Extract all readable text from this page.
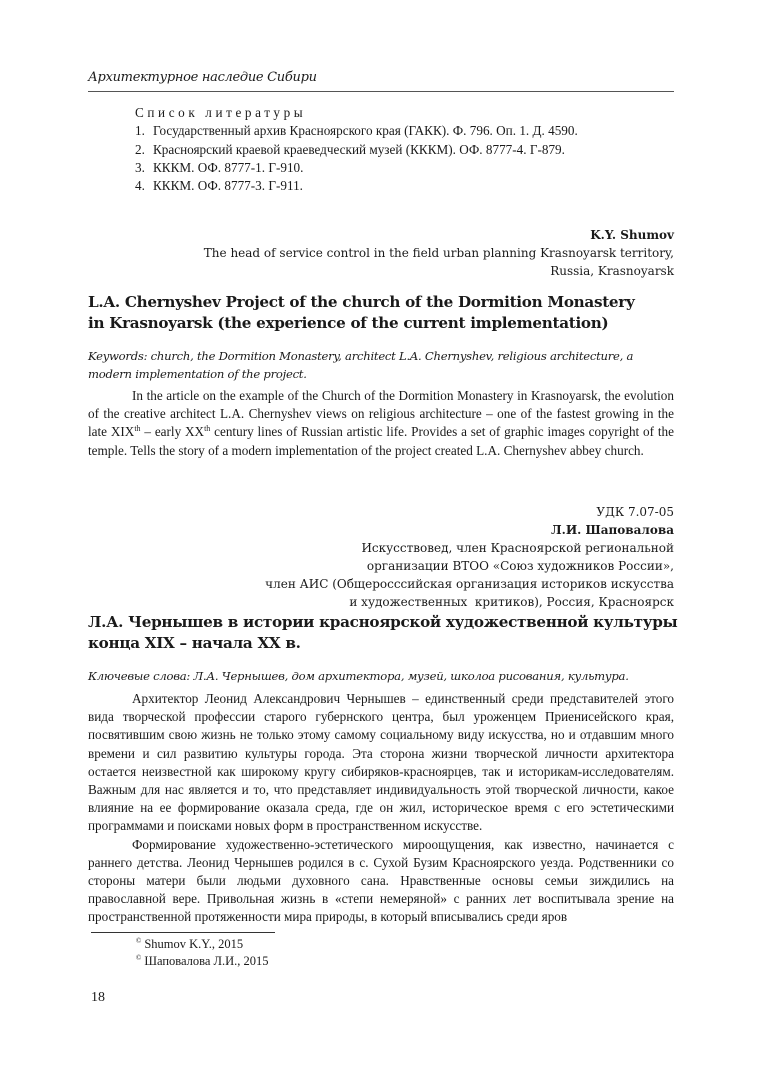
Архитектурное наследие Сибири
Список литературы
1. Государственный архив Красноярского края (ГАКК). Ф. 796. Оп. 1. Д. 4590.
2. Красноярский краевой краеведческий музей (КККМ). ОФ. 8777-4. Г-879.
3. КККМ. ОФ. 8777-1. Г-910.
4. КККМ. ОФ. 8777-3. Г-911.
K.Y. Shumov
The head of service control in the field urban planning Krasnoyarsk territory,
Russia, Krasnoyarsk
L.A. Chernyshev Project of the church of the Dormition Monastery
in Krasnoyarsk (the experience of the current implementation)
Keywords: church, the Dormition Monastery, architect L.A. Chernyshev, religious architecture, a modern implementation of the project.

In the article on the example of the Church of the Dormition Monastery in Krasnoyarsk, the evolution of the creative architect L.A. Chernyshev views on religious architecture – one of the fastest growing in the late XIXth – early XXth century lines of Russian artistic life. Provides a set of graphic images copyright of the temple. Tells the story of a modern implementation of the project created L.A. Chernyshev abbey church.

УДК 7.07-05
Л.И. Шаповалова
Искусствовед, член Красноярской региональной
организации ВТОО «Союз художников России»,
член АИС (Общеросссийская организация историков искусства
и художественных  критиков), Россия, Красноярск
Л.А. Чернышев в истории красноярской художественной культуры
конца XIX – начала XX в.
Ключевые слова: Л.А. Чернышев, дом архитектора, музей, школоа рисования, культура.

Архитектор Леонид Александрович Чернышев – единственный среди представителей этого вида творческой профессии старого губернского центра, был уроженцем Приенисейского края, посвятившим свою жизнь не только этому самому социальному виду искусства, но и отдавшим много времени и сил развитию культуры города. Эта сторона жизни творческой личности архитектора остается неизвестной как широкому кругу сибиряков-красноярцев, так и историкам-исследователям. Важным для нас является и то, что представляет индивидуальность этой творческой личности, какое влияние на ее формирование оказала среда, где он жил, историческое время с его эстетическими программами и поисками новых форм в пространственном искусстве.

Формирование художественно-эстетического мироощущения, как известно, начинается с раннего детства. Леонид Чернышев родился в с. Сухой Бузим Красноярского уезда. Родственники со стороны матери были людьми духовного сана. Нравственные основы семьи зиждились на православной вере. Привольная жизнь в «степи немеряной» с ранних лет воспитывала зрение на пространственной протяженности мира природы, в который вписывались среди яров

© Shumov K.Y., 2015
© Шаповалова Л.И., 2015
18
